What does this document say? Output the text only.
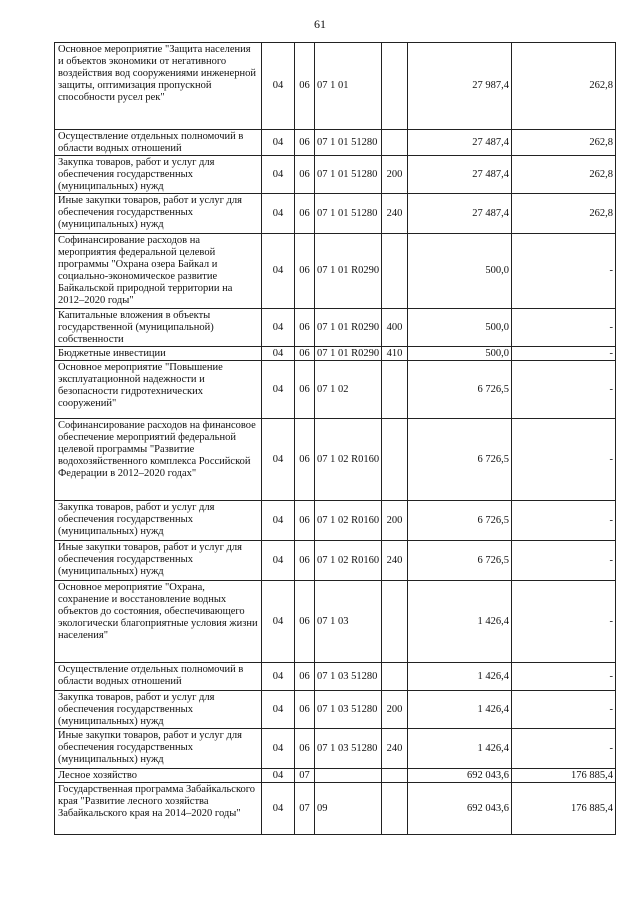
61
Основное мероприятие "Защита населения и объектов экономики от негативного воздействия вод сооружениями инженерной защиты, оптимизация пропускной способности русел рек"	04	06	07 1 01		27 987,4	262,8
Осуществление отдельных полномочий в области водных отношений	04	06	07 1 01 51280		27 487,4	262,8
Закупка товаров, работ и услуг для обеспечения государственных (муниципальных) нужд	04	06	07 1 01 51280	200	27 487,4	262,8
Иные закупки товаров, работ и услуг для обеспечения государственных (муниципальных) нужд	04	06	07 1 01 51280	240	27 487,4	262,8
Софинансирование расходов на мероприятия федеральной целевой программы "Охрана озера Байкал и социально-экономическое развитие Байкальской природной территории на 2012–2020 годы"	04	06	07 1 01 R0290		500,0	-
Капитальные вложения в объекты государственной (муниципальной) собственности	04	06	07 1 01 R0290	400	500,0	-
Бюджетные инвестиции	04	06	07 1 01 R0290	410	500,0	-
Основное мероприятие "Повышение эксплуатационной надежности и безопасности гидротехнических сооружений"	04	06	07 1 02		6 726,5	-
Софинансирование расходов на финансовое обеспечение мероприятий федеральной целевой программы "Развитие водохозяйственного комплекса Российской Федерации в 2012–2020 годах"	04	06	07 1 02 R0160		6 726,5	-
Закупка товаров, работ и услуг для обеспечения государственных (муниципальных) нужд	04	06	07 1 02 R0160	200	6 726,5	-
Иные закупки товаров, работ и услуг для обеспечения государственных (муниципальных) нужд	04	06	07 1 02 R0160	240	6 726,5	-
Основное мероприятие "Охрана, сохранение и восстановление водных объектов до состояния, обеспечивающего экологически благоприятные условия жизни населения"	04	06	07 1 03		1 426,4	-
Осуществление отдельных полномочий в области водных отношений	04	06	07 1 03 51280		1 426,4	-
Закупка товаров, работ и услуг для обеспечения государственных (муниципальных) нужд	04	06	07 1 03 51280	200	1 426,4	-
Иные закупки товаров, работ и услуг для обеспечения государственных (муниципальных) нужд	04	06	07 1 03 51280	240	1 426,4	-
Лесное хозяйство	04	07			692 043,6	176 885,4
Государственная программа Забайкальского края "Развитие лесного хозяйства Забайкальского края на 2014–2020 годы"	04	07	09		692 043,6	176 885,4
